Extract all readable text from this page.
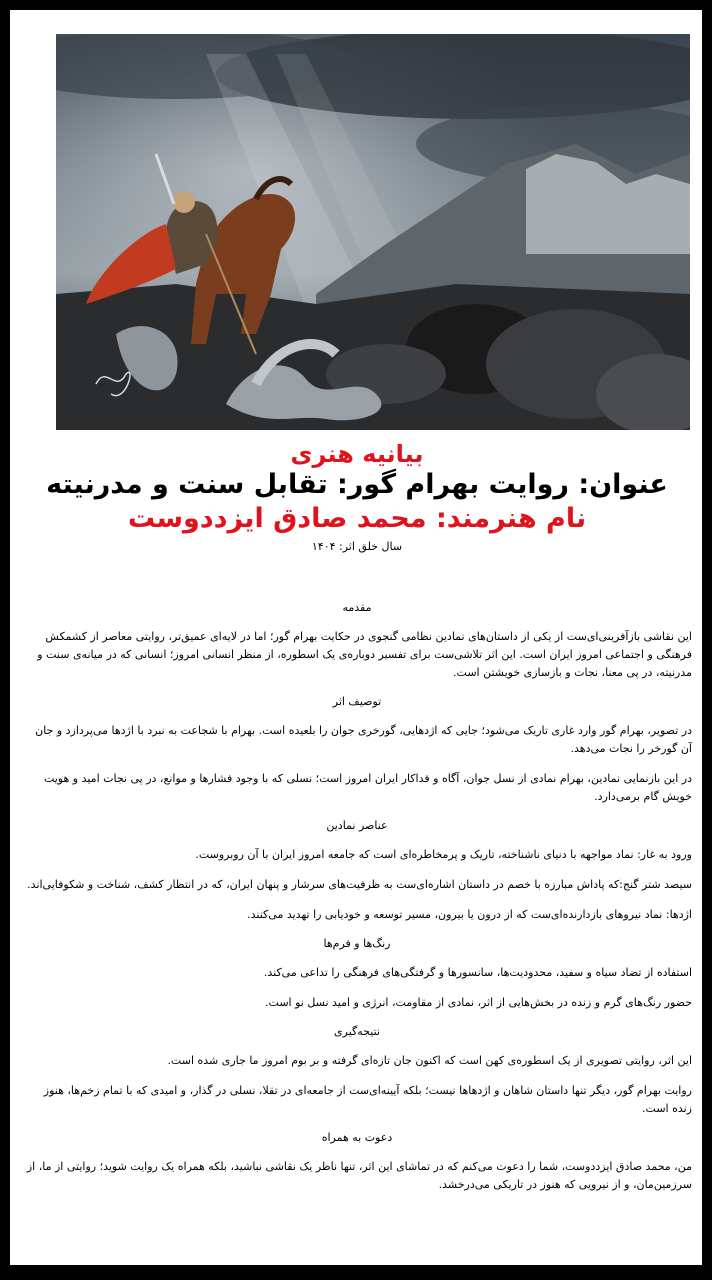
بیانیه هنری

عنوان: روایت بهرام گور: تقابل سنت و مدرنیته

نام هنرمند: محمد صادق ایزددوست

سال خلق اثر: ۱۴۰۴

مقدمه

این نقاشی بازآفرینی‌ای‌ست از یکی از داستان‌های نمادین نظامی گنجوی در حکایت بهرام گور؛ اما در لایه‌ای عمیق‌تر، روایتی معاصر از کشمکش فرهنگی و اجتماعی امروز ایران است. این اثر تلاشی‌ست برای تفسیر دوباره‌ی یک اسطوره، از منظر انسانی امروز؛ انسانی که در میانه‌ی سنت و مدرنیته، در پی معنا، نجات و بازسازی خویشتن است.

توصیف اثر

در تصویر، بهرام گور وارد غاری تاریک می‌شود؛ جایی که اژدهایی، گورخری جوان را بلعیده است. بهرام با شجاعت به نبرد با اژدها می‌پردازد و جان آن گورخر را نجات می‌دهد.

در این بازنمایی نمادین، بهرام نمادی از نسل جوان، آگاه و فداکار ایران امروز است؛ نسلی که با وجود فشارها و موانع، در پی نجات امید و هویت خویش گام برمی‌دارد.

عناصر نمادین

ورود به غار: نماد مواجهه با دنیای ناشناخته، تاریک و پرمخاطره‌ای است که جامعه امروز ایران با آن روبروست.

سیصد شتر گنج:که پاداش مبارزه با خصم در داستان اشاره‌ای‌ست به ظرفیت‌های سرشار و پنهان ایران، که در انتظار کشف، شناخت و شکوفایی‌اند.

اژدها: نماد نیروهای بازدارنده‌ای‌ست که از درون یا بیرون، مسیر توسعه و خودیابی را تهدید می‌کنند.

رنگ‌ها و فرم‌ها

استفاده از تضاد سیاه و سفید، محدودیت‌ها، سانسورها و گرفتگی‌های فرهنگی را تداعی می‌کند.

حضور رنگ‌های گرم و زنده در بخش‌هایی از اثر، نمادی از مقاومت، انرژی و امید نسل نو است.

نتیجه‌گیری

این اثر، روایتی تصویری از یک اسطوره‌ی کهن است که اکنون جان تازه‌ای گرفته و بر بوم امروز ما جاری شده است.

روایت بهرام گور، دیگر تنها داستان شاهان و اژدهاها نیست؛ بلکه آیینه‌ای‌ست از جامعه‌ای در تقلا، نسلی در گذار، و امیدی که با تمام زخم‌ها، هنوز زنده است.

دعوت به همراه

من، محمد صادق ایزددوست، شما را دعوت می‌کنم که در تماشای این اثر، تنها ناظر یک نقاشی نباشید، بلکه همراه یک روایت شوید؛ روایتی از ما، از سرزمین‌مان، و از نیرویی که هنوز در تاریکی می‌درخشد.
